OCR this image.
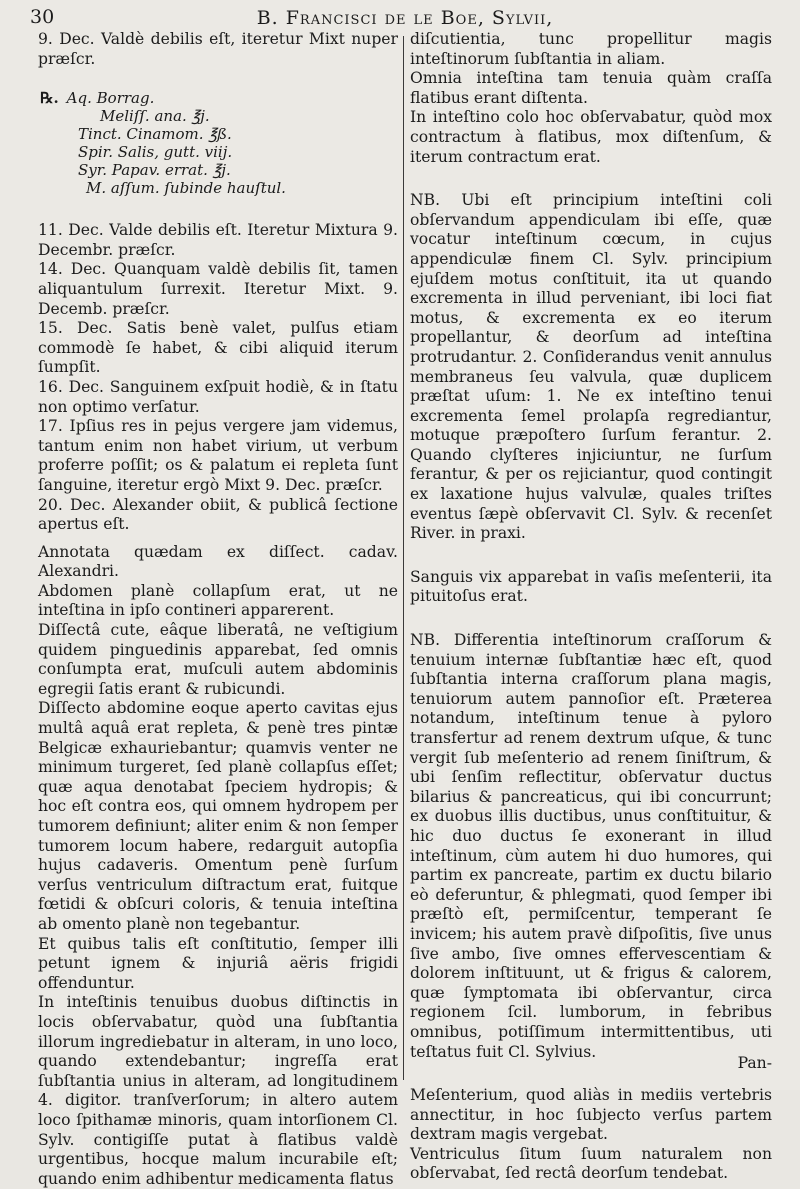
30	B. Francisci de le Boe, Sylvii,

9. Dec. Valdè debilis eſt, iteretur Mixt nuper præſcr.

℞. Aq. Borrag.
Meliſſ. ana. ℥j.
Tinct. Cinamom. ℥ß.
Spir. Salis, gutt. viij.
Syr. Papav. errat. ℥j.
M. aſſum. ſubinde hauſtul.

11. Dec. Valde debilis eſt. Iteretur Mixtura 9. Decembr. præſcr.

14. Dec. Quanquam valdè debilis ſit, tamen aliquantulum ſurrexit. Iteretur Mixt. 9. Decemb. præſcr.

15. Dec. Satis benè valet, pulſus etiam commodè ſe habet, & cibi aliquid iterum ſumpſit.

16. Dec. Sanguinem exſpuit hodiè, & in ſtatu non optimo verſatur.

17. Ipſius res in pejus vergere jam videmus, tantum enim non habet virium, ut verbum proferre poſſit; os & palatum ei repleta ſunt ſanguine, iteretur ergò Mixt 9. Dec. præſcr.

20. Dec. Alexander obiit, & publicâ ſectione apertus eſt.

Annotata quædam ex diſſect. cadav. Alexandri.

Abdomen planè collapſum erat, ut ne inteſtina in ipſo contineri apparerent.

Diſſectâ cute, eâque liberatâ, ne veſtigium quidem pinguedinis apparebat, ſed omnis conſumpta erat, muſculi autem abdominis egregii ſatis erant & rubicundi.

Diſſecto abdomine eoque aperto cavitas ejus multâ aquâ erat repleta, & penè tres pintæ Belgicæ exhauriebantur; quamvis venter ne minimum turgeret, ſed planè collapſus eſſet; quæ aqua denotabat ſpeciem hydropis; & hoc eſt contra eos, qui omnem hydropem per tumorem definiunt; aliter enim & non ſemper tumorem locum habere, redarguit autopſia hujus cadaveris. Omentum penè ſurſum verſus ventriculum diſtractum erat, fuitque fœtidi & obſcuri coloris, & tenuia inteſtina ab omento planè non tegebantur.

Et quibus talis eſt conſtitutio, ſemper illi petunt ignem & injuriâ aëris frigidi offenduntur.

In inteſtinis tenuibus duobus diſtinctis in locis obſervabatur, quòd una ſubſtantia illorum ingrediebatur in alteram, in uno loco, quando extendebantur; ingreſſa erat ſubſtantia unius in alteram, ad longitudinem 4. digitor. tranſverſorum; in altero autem loco ſpithamæ minoris, quam intorſionem Cl. Sylv. contigiſſe putat à flatibus valdè urgentibus, hocque malum incurabile eſt; quando enim adhibentur medicamenta flatus

diſcutientia, tunc propellitur magis inteſtinorum ſubſtantia in aliam.

Omnia inteſtina tam tenuia quàm craſſa flatibus erant diſtenta.

In inteſtino colo hoc obſervabatur, quòd mox contractum à flatibus, mox diſtenſum, & iterum contractum erat.

NB. Ubi eſt principium inteſtini coli obſervandum appendiculam ibi eſſe, quæ vocatur inteſtinum cœcum, in cujus appendiculæ finem Cl. Sylv. principium ejuſdem motus conſtituit, ita ut quando excrementa in illud perveniant, ibi loci fiat motus, & excrementa ex eo iterum propellantur, & deorſum ad inteſtina protrudantur. 2. Conſiderandus venit annulus membraneus ſeu valvula, quæ duplicem præſtat uſum: 1. Ne ex inteſtino tenui excrementa ſemel prolapſa regrediantur, motuque præpoſtero ſurſum ferantur. 2. Quando clyſteres injiciuntur, ne ſurſum ferantur, & per os rejiciantur, quod contingit ex laxatione hujus valvulæ, quales triſtes eventus ſæpè obſervavit Cl. Sylv. & recenſet River. in praxi.

Sanguis vix apparebat in vaſis meſenterii, ita pituitoſus erat.

NB. Differentia inteſtinorum craſſorum & tenuium internæ ſubſtantiæ hæc eſt, quod ſubſtantia interna craſſorum plana magis, tenuiorum autem pannoſior eſt. Præterea notandum, inteſtinum tenue à pyloro transfertur ad renem dextrum uſque, & tunc vergit ſub meſenterio ad renem ſiniſtrum, & ubi ſenſim reflectitur, obſervatur ductus bilarius & pancreaticus, qui ibi concurrunt; ex duobus illis ductibus, unus conſtituitur, & hic duo ductus ſe exonerant in illud inteſtinum, cùm autem hi duo humores, qui partim ex pancreate, partim ex ductu bilario eò deferuntur, & phlegmati, quod ſemper ibi præſtò eſt, permiſcentur, temperant ſe invicem; his autem pravè diſpoſitis, ſive unus ſive ambo, ſive omnes effervescentiam & dolorem inſtituunt, ut & frigus & calorem, quæ ſymptomata ibi obſervantur, circa regionem ſcil. lumborum, in febribus omnibus, potiſſimum intermittentibus, uti teſtatus fuit Cl. Sylvius.

Meſenterium, quod aliàs in mediis vertebris annectitur, in hoc ſubjecto verſus partem dextram magis vergebat.

Ventriculus ſitum ſuum naturalem non obſervabat, ſed rectâ deorſum tendebat.

Pan-
